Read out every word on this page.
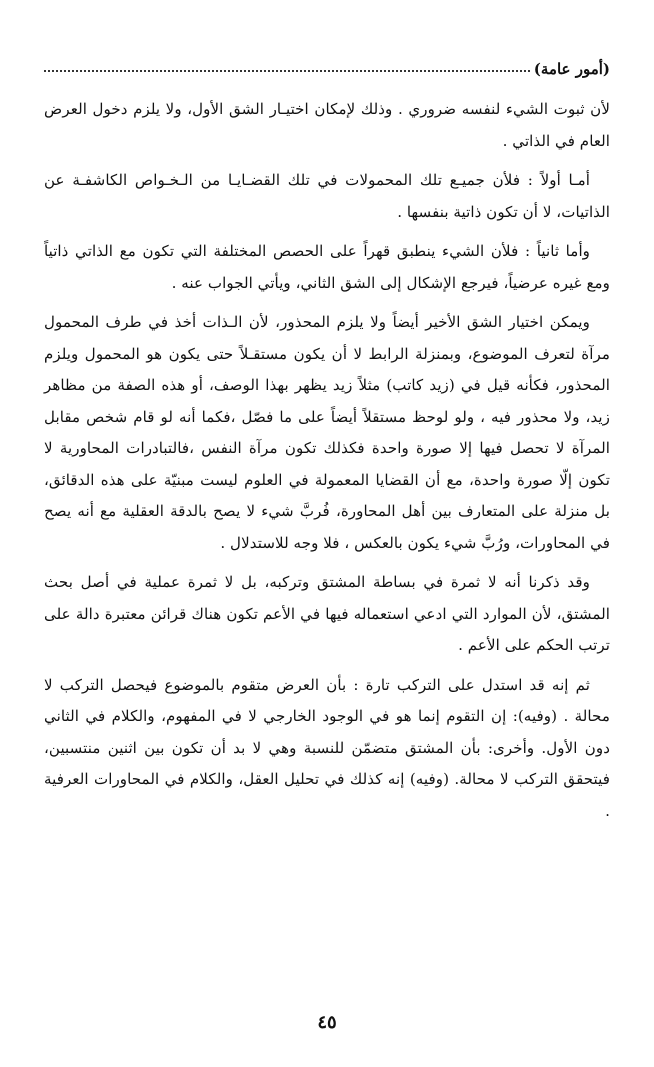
(أمور عامة)

لأن ثبوت الشيء لنفسه ضروري . وذلك لإمكان اختيـار الشق الأول، ولا يلزم دخول العرض العام في الذاتي .

أمـا أولاً : فلأن جميـع تلك المحمولات في تلك القضـايـا من الـخـواص الكاشفـة عن الذاتيات، لا أن تكون ذاتية بنفسها .

وأما ثانياً : فلأن الشيء ينطبق قهراً على الحصص المختلفة التي تكون مع الذاتي ذاتياً ومع غيره عرضياً، فيرجع الإشكال إلى الشق الثاني، ويأتي الجواب عنه .

ويمكن اختيار الشق الأخير أيضاً ولا يلزم المحذور، لأن الـذات أخذ في طرف المحمول مرآة لتعرف الموضوع، وبمنزلة الرابط لا أن يكون مستقـلاً حتى يكون هو المحمول ويلزم المحذور، فكأنه قيل في (زيد كاتب) مثلاً زيد يظهر بهذا الوصف، أو هذه الصفة من مظاهر زيد، ولا محذور فيه ، ولو لوحظ مستقلاً أيضاً على ما فصّل ،فكما أنه لو قام شخص مقابل المرآة لا تحصل فيها إلا صورة واحدة فكذلك تكون مرآة النفس ،فالتبادرات المحاورية لا تكون إلّا صورة واحدة، مع أن القضايا المعمولة في العلوم ليست مبنيّة على هذه الدقائق، بل منزلة على المتعارف بين أهل المحاورة، فُربَّ شيء لا يصح بالدقة العقلية مع أنه يصح في المحاورات، ورُبَّ شيء يكون بالعكس ، فلا وجه للاستدلال .

وقد ذكرنا أنه لا ثمرة في بساطة المشتق وتركبه، بل لا ثمرة عملية في أصل بحث المشتق، لأن الموارد التي ادعي استعماله فيها في الأعم تكون هناك قرائن معتبرة دالة على ترتب الحكم على الأعم .

ثم إنه قد استدل على التركب تارة : بأن العرض متقوم بالموضوع فيحصل التركب لا محالة . (وفيه): إن التقوم إنما هو في الوجود الخارجي لا في المفهوم، والكلام في الثاني دون الأول. وأخرى: بأن المشتق متضمّن للنسبة وهي لا بد أن تكون بين اثنين منتسبين، فيتحقق التركب لا محالة. (وفيه) إنه كذلك في تحليل العقل، والكلام في المحاورات العرفية .

٤٥
